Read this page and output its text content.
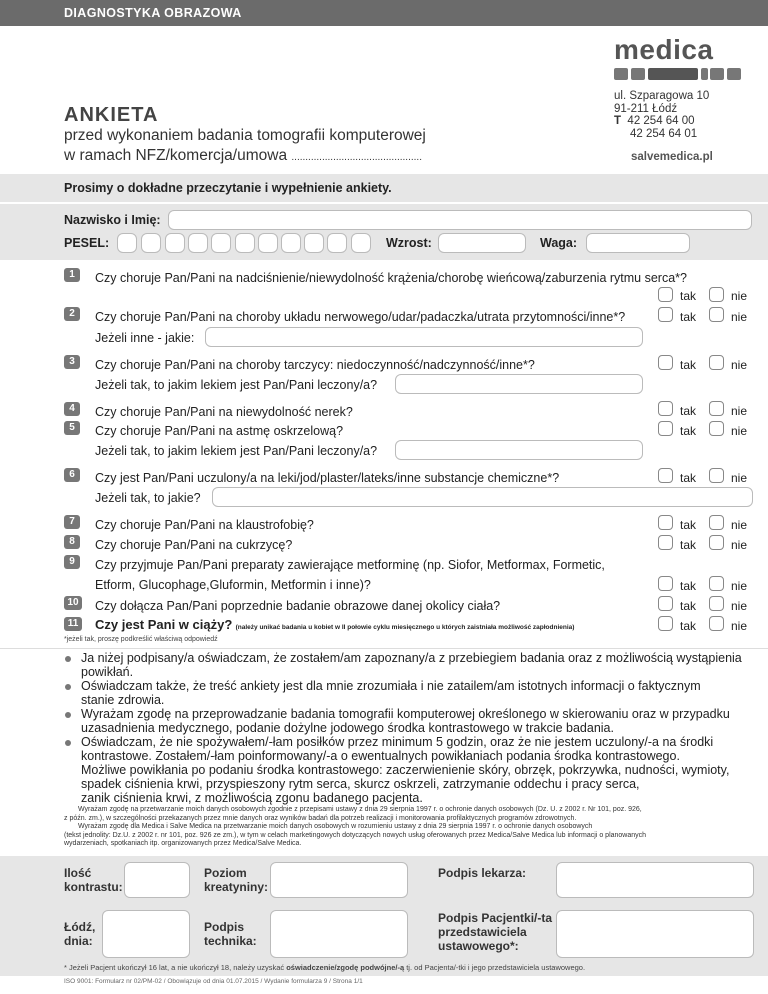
DIAGNOSTYKA OBRAZOWA
medica
ul. Szparagowa 10
91-211 Łódź
T 42 254 64 00
42 254 64 01
salvemedica.pl
ANKIETA
przed wykonaniem badania tomografii komputerowej
w ramach NFZ/komercja/umowa ...............................................
Prosimy o dokładne przeczytanie i wypełnienie ankiety.
Nazwisko i Imię:
PESEL:	Wzrost:	Waga:
1	Czy choruje Pan/Pani na nadciśnienie/niewydolność krążenia/chorobę wieńcową/zaburzenia rytmu serca*?
tak	nie
2	Czy choruje Pan/Pani na choroby układu nerwowego/udar/padaczka/utrata przytomności/inne*?	tak	nie
Jeżeli inne - jakie:
3	Czy choruje Pan/Pani na choroby tarczycy: niedoczynność/nadczynność/inne*?	tak	nie
Jeżeli tak, to jakim lekiem jest Pan/Pani leczony/a?
4	Czy choruje Pan/Pani na niewydolność nerek?	tak	nie
5	Czy choruje Pan/Pani na astmę oskrzelową?	tak	nie
Jeżeli tak, to jakim lekiem jest Pan/Pani leczony/a?
6	Czy jest Pan/Pani uczulony/a na leki/jod/plaster/lateks/inne substancje chemiczne*?	tak	nie
Jeżeli tak, to jakie?
7	Czy choruje Pan/Pani na klaustrofobię?	tak	nie
8	Czy choruje Pan/Pani na cukrzycę?	tak	nie
9	Czy przyjmuje Pan/Pani preparaty zawierające metforminę (np. Siofor, Metformax, Formetic,
Etform, Glucophage,Gluformin, Metformin i inne)?	tak	nie
10 Czy dołącza Pan/Pani poprzednie badanie obrazowe danej okolicy ciała?	tak	nie
11 Czy jest Pani w ciąży? (należy unikać badania u kobiet w II połowie cyklu miesięcznego u których zaistniała możliwość zapłodnienia)	tak	nie
*jeżeli tak, proszę podkreślić właściwą odpowiedź
Ja niżej podpisany/a oświadczam, że zostałem/am zapoznany/a z przebiegiem badania oraz z możliwością wystąpienia
powikłań.
Oświadczam także, że treść ankiety jest dla mnie zrozumiała i nie zatailem/am istotnych informacji o faktycznym
stanie zdrowia.
Wyrażam zgodę na przeprowadzanie badania tomografii komputerowej określonego w skierowaniu oraz w przypadku
uzasadnienia medycznego, podanie dożylne jodowego środka kontrastowego w trakcie badania.
Oświadczam, że nie spożywałem/-łam posiłków przez minimum 5 godzin, oraz że nie jestem uczulony/-a na środki
kontrastowe. Zostałem/-łam poinformowany/-a o ewentualnych powikłaniach podania środka kontrastowego.
Możliwe powikłania po podaniu środka kontrastowego: zaczerwienienie skóry, obrzęk, pokrzywka, nudności, wymioty,
spadek ciśnienia krwi, przyspieszony rytm serca, skurcz oskrzeli, zatrzymanie oddechu i pracy serca,
zanik ciśnienia krwi, z możliwością zgonu badanego pacjenta.
Wyrażam zgodę na przetwarzanie moich danych osobowych zgodnie z przepisami ustawy z dnia 29 sierpnia 1997 r. o ochronie danych osobowych (Dz. U. z 2002 r. Nr 101, poz. 926,
z późn. zm.), w szczególności przekazanych przez mnie danych oraz wyników badań dla potrzeb realizacji i monitorowania profilaktycznych programów zdrowotnych.
Wyrażam zgodę dla Medica i Salve Medica na przetwarzanie moich danych osobowych w rozumieniu ustawy z dnia 29 sierpnia 1997 r. o ochronie danych osobowych
(tekst jednolity: Dz.U. z 2002 r. nr 101, poz. 926 ze zm.), w tym w celach marketingowych dotyczących nowych usług oferowanych przez Medica/Salve Medica lub informacji o planowanych
wydarzeniach, spotkaniach itp. organizowanych przez Medica/Salve Medica.
Ilość
kontrastu:
Poziom
kreatyniny:
Podpis lekarza:
Łódź,
dnia:
Podpis
technika:
Podpis Pacjentki/-ta
przedstawiciela
ustawowego*:
* Jeżeli Pacjent ukończył 16 lat, a nie ukończył 18, należy uzyskać oświadczenie/zgodę podwójne/-ą tj. od Pacjenta/-tki i jego przedstawiciela ustawowego.
ISO 9001: Formularz nr 02/PM-02 / Obowiązuje od dnia 01.07.2015 / Wydanie formularza 9 / Strona 1/1
